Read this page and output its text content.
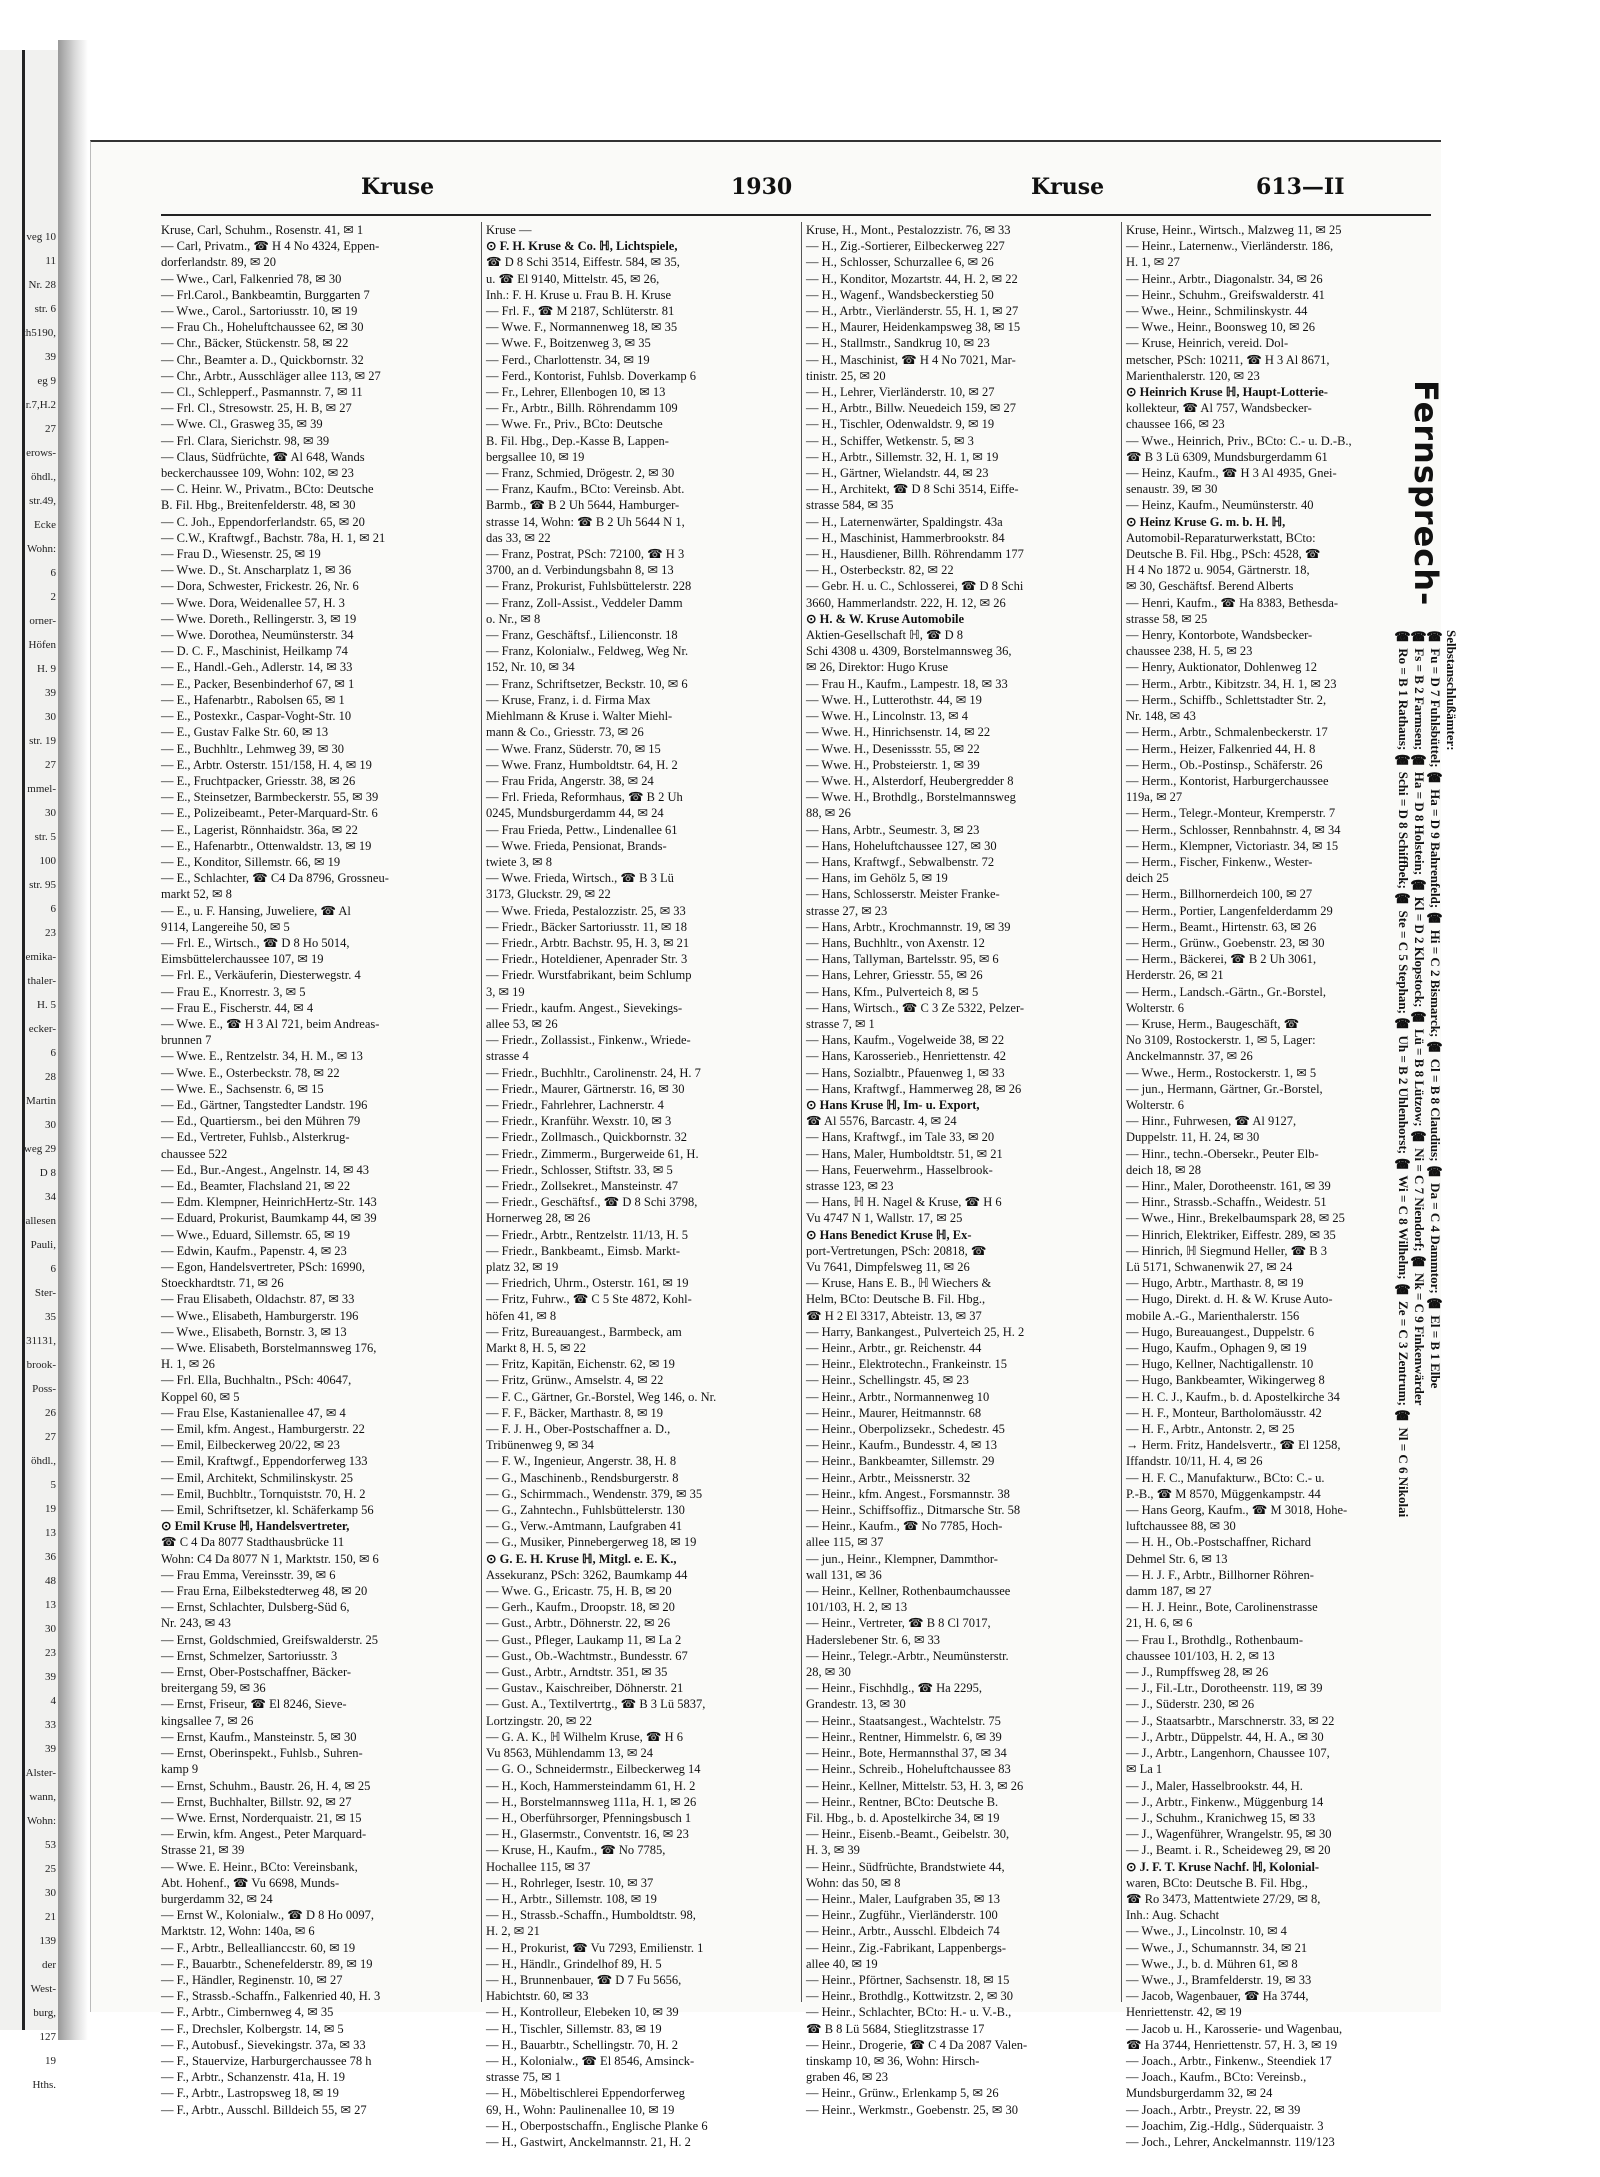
veg 10
11
Nr. 28
str. 6
th5190,
39
eg 9
r.7,H.2
27
erows-
öhdl.,
str.49,
Ecke
Wohn:
6
2
orner-
Höfen
H. 9
39
30
str. 19
27
mmel-
30
str. 5
100
str. 95
6
23
emika-
thaler-
H. 5
ecker-
6
28
Martin
30
weg 29
D 8
34
allesen
Pauli,
6
Ster-
35
31131,
brook-
Poss-
26
27
öhdl.,
5
19
13
36
48
13
30
23
39
4
33
39
Alster-
wann,
Wohn:
53
25
30
21
139
der
West-
burg,
127
19
Hths.
Kruse	1930	Kruse	613—II
Kruse, Carl, Schuhm., Rosenstr. 41, ✉ 1
— Carl, Privatm., ☎ H 4 No 4324, Eppen-
dorferlandstr. 89, ✉ 20
— Wwe., Carl, Falkenried 78, ✉ 30
— Frl.Carol., Bankbeamtin, Burggarten 7
— Wwe., Carol., Sartoriusstr. 10, ✉ 19
— Frau Ch., Hoheluftchaussee 62, ✉ 30
— Chr., Bäcker, Stückenstr. 58, ✉ 22
— Chr., Beamter a. D., Quickbornstr. 32
— Chr., Arbtr., Ausschläger allee 113, ✉ 27
— Cl., Schlepperf., Pasmannstr. 7, ✉ 11
— Frl. Cl., Stresowstr. 25, H. B, ✉ 27
— Wwe. Cl., Grasweg 35, ✉ 39
— Frl. Clara, Sierichstr. 98, ✉ 39
— Claus, Südfrüchte, ☎ Al 648, Wands
beckerchaussee 109, Wohn: 102, ✉ 23
— C. Heinr. W., Privatm., BCto: Deutsche
B. Fil. Hbg., Breitenfelderstr. 48, ✉ 30
— C. Joh., Eppendorferlandstr. 65, ✉ 20
— C.W., Kraftwgf., Bachstr. 78a, H. 1, ✉ 21
— Frau D., Wiesenstr. 25, ✉ 19
— Wwe. D., St. Anscharplatz 1, ✉ 36
— Dora, Schwester, Frickestr. 26, Nr. 6
— Wwe. Dora, Weidenallee 57, H. 3
— Wwe. Doreth., Rellingerstr. 3, ✉ 19
— Wwe. Dorothea, Neumünsterstr. 34
— D. C. F., Maschinist, Heilkamp 74
— E., Handl.-Geh., Adlerstr. 14, ✉ 33
— E., Packer, Besenbinderhof 67, ✉ 1
— E., Hafenarbtr., Rabolsen 65, ✉ 1
— E., Postexkr., Caspar-Voght-Str. 10
— E., Gustav Falke Str. 60, ✉ 13
— E., Buchhltr., Lehmweg 39, ✉ 30
— E., Arbtr. Osterstr. 151/158, H. 4, ✉ 19
— E., Fruchtpacker, Griesstr. 38, ✉ 26
— E., Steinsetzer, Barmbeckerstr. 55, ✉ 39
— E., Polizeibeamt., Peter-Marquard-Str. 6
— E., Lagerist, Rönnhaidstr. 36a, ✉ 22
— E., Hafenarbtr., Ottenwaldstr. 13, ✉ 19
— E., Konditor, Sillemstr. 66, ✉ 19
— E., Schlachter, ☎ C4 Da 8796, Grossneu-
markt 52, ✉ 8
— E., u. F. Hansing, Juweliere, ☎ Al
9114, Langereihe 50, ✉ 5
— Frl. E., Wirtsch., ☎ D 8 Ho 5014,
Eimsbüttelerchaussee 107, ✉ 19
— Frl. E., Verkäuferin, Diesterwegstr. 4
— Frau E., Knorrestr. 3, ✉ 5
— Frau E., Fischerstr. 44, ✉ 4
— Wwe. E., ☎ H 3 Al 721, beim Andreas-
brunnen 7
— Wwe. E., Rentzelstr. 34, H. M., ✉ 13
— Wwe. E., Osterbeckstr. 78, ✉ 22
— Wwe. E., Sachsenstr. 6, ✉ 15
— Ed., Gärtner, Tangstedter Landstr. 196
— Ed., Quartiersm., bei den Mühren 79
— Ed., Vertreter, Fuhlsb., Alsterkrug-
chaussee 522
— Ed., Bur.-Angest., Angelnstr. 14, ✉ 43
— Ed., Beamter, Flachsland 21, ✉ 22
— Edm. Klempner, HeinrichHertz-Str. 143
— Eduard, Prokurist, Baumkamp 44, ✉ 39
— Wwe., Eduard, Sillemstr. 65, ✉ 19
— Edwin, Kaufm., Papenstr. 4, ✉ 23
— Egon, Handelsvertreter, PSch: 16990,
Stoeckhardtstr. 71, ✉ 26
— Frau Elisabeth, Oldachstr. 87, ✉ 33
— Wwe., Elisabeth, Hamburgerstr. 196
— Wwe., Elisabeth, Bornstr. 3, ✉ 13
— Wwe. Elisabeth, Borstelmannsweg 176,
H. 1, ✉ 26
— Frl. Ella, Buchhaltn., PSch: 40647,
Koppel 60, ✉ 5
— Frau Else, Kastanienallee 47, ✉ 4
— Emil, kfm. Angest., Hamburgerstr. 22
— Emil, Eilbeckerweg 20/22, ✉ 23
— Emil, Kraftwgf., Eppendorferweg 133
— Emil, Architekt, Schmilinskystr. 25
— Emil, Buchbltr., Tornquiststr. 70, H. 2
— Emil, Schriftsetzer, kl. Schäferkamp 56
⊙ Emil Kruse ℍ, Handelsvertreter,
☎ C 4 Da 8077 Stadthausbrücke 11
Wohn: C4 Da 8077 N 1, Marktstr. 150, ✉ 6
— Frau Emma, Vereinsstr. 39, ✉ 6
— Frau Erna, Eilbekstedterweg 48, ✉ 20
— Ernst, Schlachter, Dulsberg-Süd 6,
Nr. 243, ✉ 43
— Ernst, Goldschmied, Greifswalderstr. 25
— Ernst, Schmelzer, Sartoriusstr. 3
— Ernst, Ober-Postschaffner, Bäcker-
breitergang 59, ✉ 36
— Ernst, Friseur, ☎ El 8246, Sieve-
kingsallee 7, ✉ 26
— Ernst, Kaufm., Mansteinstr. 5, ✉ 30
— Ernst, Oberinspekt., Fuhlsb., Suhren-
kamp 9
— Ernst, Schuhm., Baustr. 26, H. 4, ✉ 25
— Ernst, Buchhalter, Billstr. 92, ✉ 27
— Wwe. Ernst, Norderquaistr. 21, ✉ 15
— Erwin, kfm. Angest., Peter Marquard-
Strasse 21, ✉ 39
— Wwe. E. Heinr., BCto: Vereinsbank,
Abt. Hohenf., ☎ Vu 6698, Munds-
burgerdamm 32, ✉ 24
— Ernst W., Kolonialw., ☎ D 8 Ho 0097,
Marktstr. 12, Wohn: 140a, ✉ 6
— F., Arbtr., Belleallianccstr. 60, ✉ 19
— F., Bauarbtr., Schenefelderstr. 89, ✉ 19
— F., Händler, Reginenstr. 10, ✉ 27
— F., Strassb.-Schaffn., Falkenried 40, H. 3
— F., Arbtr., Cimbernweg 4, ✉ 35
— F., Drechsler, Kolbergstr. 14, ✉ 5
— F., Autobusf., Sievekingstr. 37a, ✉ 33
— F., Stauervize, Harburgerchaussee 78 h
— F., Arbtr., Schanzenstr. 41a, H. 19
— F., Arbtr., Lastropsweg 18, ✉ 19
— F., Arbtr., Ausschl. Billdeich 55, ✉ 27
Kruse —
⊙ F. H. Kruse & Co. ℍ, Lichtspiele,
☎ D 8 Schi 3514, Eiffestr. 584, ✉ 35,
u. ☎ El 9140, Mittelstr. 45, ✉ 26,
Inh.: F. H. Kruse u. Frau B. H. Kruse
— Frl. F., ☎ M 2187, Schlüterstr. 81
— Wwe. F., Normannenweg 18, ✉ 35
— Wwe. F., Boitzenweg 3, ✉ 35
— Ferd., Charlottenstr. 34, ✉ 19
— Ferd., Kontorist, Fuhlsb. Doverkamp 6
— Fr., Lehrer, Ellenbogen 10, ✉ 13
— Fr., Arbtr., Billh. Röhrendamm 109
— Wwe. Fr., Priv., BCto: Deutsche
B. Fil. Hbg., Dep.-Kasse B, Lappen-
bergsallee 10, ✉ 19
— Franz, Schmied, Drögestr. 2, ✉ 30
— Franz, Kaufm., BCto: Vereinsb. Abt.
Barmb., ☎ B 2 Uh 5644, Hamburger-
strasse 14, Wohn: ☎ B 2 Uh 5644 N 1,
das 33, ✉ 22
— Franz, Postrat, PSch: 72100, ☎ H 3
3700, an d. Verbindungsbahn 8, ✉ 13
— Franz, Prokurist, Fuhlsbüttelerstr. 228
— Franz, Zoll-Assist., Veddeler Damm
o. Nr., ✉ 8
— Franz, Geschäftsf., Lilienconstr. 18
— Franz, Kolonialw., Feldweg, Weg Nr.
152, Nr. 10, ✉ 34
— Franz, Schriftsetzer, Beckstr. 10, ✉ 6
— Kruse, Franz, i. d. Firma Max
Miehlmann & Kruse i. Walter Miehl-
mann & Co., Griesstr. 73, ✉ 26
— Wwe. Franz, Süderstr. 70, ✉ 15
— Wwe. Franz, Humboldtstr. 64, H. 2
— Frau Frida, Angerstr. 38, ✉ 24
— Frl. Frieda, Reformhaus, ☎ B 2 Uh
0245, Mundsburgerdamm 44, ✉ 24
— Frau Frieda, Pettw., Lindenallee 61
— Wwe. Frieda, Pensionat, Brands-
twiete 3, ✉ 8
— Wwe. Frieda, Wirtsch., ☎ B 3 Lü
3173, Gluckstr. 29, ✉ 22
— Wwe. Frieda, Pestalozzistr. 25, ✉ 33
— Friedr., Bäcker Sartoriusstr. 11, ✉ 18
— Friedr., Arbtr. Bachstr. 95, H. 3, ✉ 21
— Friedr., Hoteldiener, Apenrader Str. 3
— Friedr. Wurstfabrikant, beim Schlump
3, ✉ 19
— Friedr., kaufm. Angest., Sievekings-
allee 53, ✉ 26
— Friedr., Zollassist., Finkenw., Wriede-
strasse 4
— Friedr., Buchhltr., Carolinenstr. 24, H. 7
— Friedr., Maurer, Gärtnerstr. 16, ✉ 30
— Friedr., Fahrlehrer, Lachnerstr. 4
— Friedr., Kranführ. Wexstr. 10, ✉ 3
— Friedr., Zollmasch., Quickbornstr. 32
— Friedr., Zimmerm., Burgerweide 61, H.
— Friedr., Schlosser, Stiftstr. 33, ✉ 5
— Friedr., Zollsekret., Mansteinstr. 47
— Friedr., Geschäftsf., ☎ D 8 Schi 3798,
Hornerweg 28, ✉ 26
— Friedr., Arbtr., Rentzelstr. 11/13, H. 5
— Friedr., Bankbeamt., Eimsb. Markt-
platz 32, ✉ 19
— Friedrich, Uhrm., Osterstr. 161, ✉ 19
— Fritz, Fuhrw., ☎ C 5 Ste 4872, Kohl-
höfen 41, ✉ 8
— Fritz, Bureauangest., Barmbeck, am
Markt 8, H. 5, ✉ 22
— Fritz, Kapitän, Eichenstr. 62, ✉ 19
— Fritz, Grünw., Amselstr. 4, ✉ 22
— F. C., Gärtner, Gr.-Borstel, Weg 146, o. Nr.
— F. F., Bäcker, Marthastr. 8, ✉ 19
— F. J. H., Ober-Postschaffner a. D.,
Tribünenweg 9, ✉ 34
— F. W., Ingenieur, Angerstr. 38, H. 8
— G., Maschinenb., Rendsburgerstr. 8
— G., Schirmmach., Wendenstr. 379, ✉ 35
— G., Zahntechn., Fuhlsbüttelerstr. 130
— G., Verw.-Amtmann, Laufgraben 41
— G., Musiker, Pinnebergerweg 18, ✉ 19
⊙ G. E. H. Kruse ℍ, Mitgl. e. E. K.,
Assekuranz, PSch: 3262, Baumkamp 44
— Wwe. G., Ericastr. 75, H. B, ✉ 20
— Gerh., Kaufm., Droopstr. 18, ✉ 20
— Gust., Arbtr., Döhnerstr. 22, ✉ 26
— Gust., Pfleger, Laukamp 11, ✉ La 2
— Gust., Ob.-Wachtmstr., Bundesstr. 67
— Gust., Arbtr., Arndtstr. 351, ✉ 35
— Gustav., Kaischreiber, Döhnerstr. 21
— Gust. A., Textilvertrtg., ☎ B 3 Lü 5837,
Lortzingstr. 20, ✉ 22
— G. A. K., ℍ Wilhelm Kruse, ☎ H 6
Vu 8563, Mühlendamm 13, ✉ 24
— G. O., Schneidermstr., Eilbeckerweg 14
— H., Koch, Hammersteindamm 61, H. 2
— H., Borstelmannsweg 111a, H. 1, ✉ 26
— H., Oberführsorger, Pfenningsbusch 1
— H., Glasermstr., Conventstr. 16, ✉ 23
— Kruse, H., Kaufm., ☎ No 7785,
Hochallee 115, ✉ 37
— H., Rohrleger, Isestr. 10, ✉ 37
— H., Arbtr., Sillemstr. 108, ✉ 19
— H., Strassb.-Schaffn., Humboldtstr. 98,
H. 2, ✉ 21
— H., Prokurist, ☎ Vu 7293, Emilienstr. 1
— H., Händlr., Grindelhof 89, H. 5
— H., Brunnenbauer, ☎ D 7 Fu 5656,
Habichtstr. 60, ✉ 33
— H., Kontrolleur, Elebeken 10, ✉ 39
— H., Tischler, Sillemstr. 83, ✉ 19
— H., Bauarbtr., Schellingstr. 70, H. 2
— H., Kolonialw., ☎ El 8546, Amsinck-
strasse 75, ✉ 1
— H., Möbeltischlerei Eppendorferweg
69, H., Wohn: Paulinenallee 10, ✉ 19
— H., Oberpostschaffn., Englische Planke 6
— H., Gastwirt, Anckelmannstr. 21, H. 2
Kruse, H., Mont., Pestalozzistr. 76, ✉ 33
— H., Zig.-Sortierer, Eilbeckerweg 227
— H., Schlosser, Schurzallee 6, ✉ 26
— H., Konditor, Mozartstr. 44, H. 2, ✉ 22
— H., Wagenf., Wandsbeckerstieg 50
— H., Arbtr., Vierländerstr. 55, H. 1, ✉ 27
— H., Maurer, Heidenkampsweg 38, ✉ 15
— H., Stallmstr., Sandkrug 10, ✉ 23
— H., Maschinist, ☎ H 4 No 7021, Mar-
tinistr. 25, ✉ 20
— H., Lehrer, Vierländerstr. 10, ✉ 27
— H., Arbtr., Billw. Neuedeich 159, ✉ 27
— H., Tischler, Odenwaldstr. 9, ✉ 19
— H., Schiffer, Wetkenstr. 5, ✉ 3
— H., Arbtr., Sillemstr. 32, H. 1, ✉ 19
— H., Gärtner, Wielandstr. 44, ✉ 23
— H., Architekt, ☎ D 8 Schi 3514, Eiffe-
strasse 584, ✉ 35
— H., Laternenwärter, Spaldingstr. 43a
— H., Maschinist, Hammerbrookstr. 84
— H., Hausdiener, Billh. Röhrendamm 177
— H., Osterbeckstr. 82, ✉ 22
— Gebr. H. u. C., Schlosserei, ☎ D 8 Schi
3660, Hammerlandstr. 222, H. 12, ✉ 26
⊙ H. & W. Kruse Automobile
Aktien-Gesellschaft ℍ, ☎ D 8
Schi 4308 u. 4309, Borstelmannsweg 36,
✉ 26, Direktor: Hugo Kruse
— Frau H., Kaufm., Lampestr. 18, ✉ 33
— Wwe. H., Lutterothstr. 44, ✉ 19
— Wwe. H., Lincolnstr. 13, ✉ 4
— Wwe. H., Hinrichsenstr. 14, ✉ 22
— Wwe. H., Desenissstr. 55, ✉ 22
— Wwe. H., Probsteierstr. 1, ✉ 39
— Wwe. H., Alsterdorf, Heubergredder 8
— Wwe. H., Brothdlg., Borstelmannsweg
88, ✉ 26
— Hans, Arbtr., Seumestr. 3, ✉ 23
— Hans, Hoheluftchaussee 127, ✉ 30
— Hans, Kraftwgf., Sebwalbenstr. 72
— Hans, im Gehölz 5, ✉ 19
— Hans, Schlosserstr. Meister Franke-
strasse 27, ✉ 23
— Hans, Arbtr., Krochmannstr. 19, ✉ 39
— Hans, Buchhltr., von Axenstr. 12
— Hans, Tallyman, Bartelsstr. 95, ✉ 6
— Hans, Lehrer, Griesstr. 55, ✉ 26
— Hans, Kfm., Pulverteich 8, ✉ 5
— Hans, Wirtsch., ☎ C 3 Ze 5322, Pelzer-
strasse 7, ✉ 1
— Hans, Kaufm., Vogelweide 38, ✉ 22
— Hans, Karosserieb., Henriettenstr. 42
— Hans, Sozialbtr., Pfauenweg 1, ✉ 33
— Hans, Kraftwgf., Hammerweg 28, ✉ 26
⊙ Hans Kruse ℍ, Im- u. Export,
☎ Al 5576, Barcastr. 4, ✉ 24
— Hans, Kraftwgf., im Tale 33, ✉ 20
— Hans, Maler, Humboldtstr. 51, ✉ 21
— Hans, Feuerwehrm., Hasselbrook-
strasse 123, ✉ 23
— Hans, ℍ H. Nagel & Kruse, ☎ H 6
Vu 4747 N 1, Wallstr. 17, ✉ 25
⊙ Hans Benedict Kruse ℍ, Ex-
port-Vertretungen, PSch: 20818, ☎
Vu 7641, Dimpfelsweg 11, ✉ 26
— Kruse, Hans E. B., ℍ Wiechers &
Helm, BCto: Deutsche B. Fil. Hbg.,
☎ H 2 El 3317, Abteistr. 13, ✉ 37
— Harry, Bankangest., Pulverteich 25, H. 2
— Heinr., Arbtr., gr. Reichenstr. 44
— Heinr., Elektrotechn., Frankeinstr. 15
— Heinr., Schellingstr. 45, ✉ 23
— Heinr., Arbtr., Normannenweg 10
— Heinr., Maurer, Heitmannstr. 68
— Heinr., Oberpolizsekr., Schedestr. 45
— Heinr., Kaufm., Bundesstr. 4, ✉ 13
— Heinr., Bankbeamter, Sillemstr. 29
— Heinr., Arbtr., Meissnerstr. 32
— Heinr., kfm. Angest., Forsmannstr. 38
— Heinr., Schiffsoffiz., Ditmarsche Str. 58
— Heinr., Kaufm., ☎ No 7785, Hoch-
allee 115, ✉ 37
— jun., Heinr., Klempner, Dammthor-
wall 131, ✉ 36
— Heinr., Kellner, Rothenbaumchaussee
101/103, H. 2, ✉ 13
— Heinr., Vertreter, ☎ B 8 Cl 7017,
Haderslebener Str. 6, ✉ 33
— Heinr., Telegr.-Arbtr., Neumünsterstr.
28, ✉ 30
— Heinr., Fischhdlg., ☎ Ha 2295,
Grandestr. 13, ✉ 30
— Heinr., Staatsangest., Wachtelstr. 75
— Heinr., Rentner, Himmelstr. 6, ✉ 39
— Heinr., Bote, Hermannsthal 37, ✉ 34
— Heinr., Schreib., Hoheluftchaussee 83
— Heinr., Kellner, Mittelstr. 53, H. 3, ✉ 26
— Heinr., Rentner, BCto: Deutsche B.
Fil. Hbg., b. d. Apostelkirche 34, ✉ 19
— Heinr., Eisenb.-Beamt., Geibelstr. 30,
H. 3, ✉ 39
— Heinr., Südfrüchte, Brandstwiete 44,
Wohn: das 50, ✉ 8
— Heinr., Maler, Laufgraben 35, ✉ 13
— Heinr., Zugführ., Vierländerstr. 100
— Heinr., Arbtr., Ausschl. Elbdeich 74
— Heinr., Zig.-Fabrikant, Lappenbergs-
allee 40, ✉ 19
— Heinr., Pförtner, Sachsenstr. 18, ✉ 15
— Heinr., Brothdlg., Kottwitzstr. 2, ✉ 30
— Heinr., Schlachter, BCto: H.- u. V.-B.,
☎ B 8 Lü 5684, Stieglitzstrasse 17
— Heinr., Drogerie, ☎ C 4 Da 2087 Valen-
tinskamp 10, ✉ 36, Wohn: Hirsch-
graben 46, ✉ 23
— Heinr., Grünw., Erlenkamp 5, ✉ 26
— Heinr., Werkmstr., Goebenstr. 25, ✉ 30
Kruse, Heinr., Wirtsch., Malzweg 11, ✉ 25
— Heinr., Laternenw., Vierländerstr. 186,
H. 1, ✉ 27
— Heinr., Arbtr., Diagonalstr. 34, ✉ 26
— Heinr., Schuhm., Greifswalderstr. 41
— Wwe., Heinr., Schmilinskystr. 44
— Wwe., Heinr., Boonsweg 10, ✉ 26
— Kruse, Heinrich, vereid. Dol-
metscher, PSch: 10211, ☎ H 3 Al 8671,
Marienthalerstr. 120, ✉ 23
⊙ Heinrich Kruse ℍ, Haupt-Lotterie-
kollekteur, ☎ Al 757, Wandsbecker-
chaussee 166, ✉ 23
— Wwe., Heinrich, Priv., BCto: C.- u. D.-B.,
☎ B 3 Lü 6309, Mundsburgerdamm 61
— Heinz, Kaufm., ☎ H 3 Al 4935, Gnei-
senaustr. 39, ✉ 30
— Heinz, Kaufm., Neumünsterstr. 40
⊙ Heinz Kruse G. m. b. H. ℍ,
Automobil-Reparaturwerkstatt, BCto:
Deutsche B. Fil. Hbg., PSch: 4528, ☎
H 4 No 1872 u. 9054, Gärtnerstr. 18,
✉ 30, Geschäftsf. Berend Alberts
— Henri, Kaufm., ☎ Ha 8383, Bethesda-
strasse 58, ✉ 25
— Henry, Kontorbote, Wandsbecker-
chaussee 238, H. 5, ✉ 23
— Henry, Auktionator, Dohlenweg 12
— Herm., Arbtr., Kibitzstr. 34, H. 1, ✉ 23
— Herm., Schiffb., Schlettstadter Str. 2,
Nr. 148, ✉ 43
— Herm., Arbtr., Schmalenbeckerstr. 17
— Herm., Heizer, Falkenried 44, H. 8
— Herm., Ob.-Postinsp., Schäferstr. 26
— Herm., Kontorist, Harburgerchaussee
119a, ✉ 27
— Herm., Telegr.-Monteur, Kremperstr. 7
— Herm., Schlosser, Rennbahnstr. 4, ✉ 34
— Herm., Klempner, Victoriastr. 34, ✉ 15
— Herm., Fischer, Finkenw., Wester-
deich 25
— Herm., Billhornerdeich 100, ✉ 27
— Herm., Portier, Langenfelderdamm 29
— Herm., Beamt., Hirtenstr. 63, ✉ 26
— Herm., Grünw., Goebenstr. 23, ✉ 30
— Herm., Bäckerei, ☎ B 2 Uh 3061,
Herderstr. 26, ✉ 21
— Herm., Landsch.-Gärtn., Gr.-Borstel,
Wolterstr. 6
— Kruse, Herm., Baugeschäft, ☎
No 3109, Rostockerstr. 1, ✉ 5, Lager:
Anckelmannstr. 37, ✉ 26
— Wwe., Herm., Rostockerstr. 1, ✉ 5
— jun., Hermann, Gärtner, Gr.-Borstel,
Wolterstr. 6
— Hinr., Fuhrwesen, ☎ Al 9127,
Duppelstr. 11, H. 24, ✉ 30
— Hinr., techn.-Obersekr., Peuter Elb-
deich 18, ✉ 28
— Hinr., Maler, Dorotheenstr. 161, ✉ 39
— Hinr., Strassb.-Schaffn., Weidestr. 51
— Wwe., Hinr., Brekelbaumspark 28, ✉ 25
— Hinrich, Elektriker, Eiffestr. 289, ✉ 35
— Hinrich, ℍ Siegmund Heller, ☎ B 3
Lü 5171, Schwanenwik 27, ✉ 24
— Hugo, Arbtr., Marthastr. 8, ✉ 19
— Hugo, Direkt. d. H. & W. Kruse Auto-
mobile A.-G., Marienthalerstr. 156
— Hugo, Bureauangest., Duppelstr. 6
— Hugo, Kaufm., Ophagen 9, ✉ 19
— Hugo, Kellner, Nachtigallenstr. 10
— Hugo, Bankbeamter, Wikingerweg 8
— H. C. J., Kaufm., b. d. Apostelkirche 34
— H. F., Monteur, Bartholomäusstr. 42
— H. F., Arbtr., Antonstr. 2, ✉ 25
→ Herm. Fritz, Handelsvertr., ☎ El 1258,
Iffandstr. 10/11, H. 4, ✉ 26
— H. F. C., Manufakturw., BCto: C.- u.
P.-B., ☎ M 8570, Müggenkampstr. 44
— Hans Georg, Kaufm., ☎ M 3018, Hohe-
luftchaussee 88, ✉ 30
— H. H., Ob.-Postschaffner, Richard
Dehmel Str. 6, ✉ 13
— H. J. F., Arbtr., Billhorner Röhren-
damm 187, ✉ 27
— H. J. Heinr., Bote, Carolinenstrasse
21, H. 6, ✉ 6
— Frau I., Brothdlg., Rothenbaum-
chaussee 101/103, H. 2, ✉ 13
— J., Rumpffsweg 28, ✉ 26
— J., Fil.-Ltr., Dorotheenstr. 119, ✉ 39
— J., Süderstr. 230, ✉ 26
— J., Staatsarbtr., Marschnerstr. 33, ✉ 22
— J., Arbtr., Düppelstr. 44, H. A., ✉ 30
— J., Arbtr., Langenhorn, Chaussee 107,
✉ La 1
— J., Maler, Hasselbrookstr. 44, H.
— J., Arbtr., Finkenw., Müggenburg 14
— J., Schuhm., Kranichweg 15, ✉ 33
— J., Wagenführer, Wrangelstr. 95, ✉ 30
— J., Beamt. i. R., Scheideweg 29, ✉ 20
⊙ J. F. T. Kruse Nachf. ℍ, Kolonial-
waren, BCto: Deutsche B. Fil. Hbg.,
☎ Ro 3473, Mattentwiete 27/29, ✉ 8,
Inh.: Aug. Schacht
— Wwe., J., Lincolnstr. 10, ✉ 4
— Wwe., J., Schumannstr. 34, ✉ 21
— Wwe., J., b. d. Mühren 61, ✉ 8
— Wwe., J., Bramfelderstr. 19, ✉ 33
— Jacob, Wagenbauer, ☎ Ha 3744,
Henriettenstr. 42, ✉ 19
— Jacob u. H., Karosserie- und Wagenbau,
☎ Ha 3744, Henriettenstr. 57, H. 3, ✉ 19
— Joach., Arbtr., Finkenw., Steendiek 17
— Joach., Kaufm., BCto: Vereinsb.,
Mundsburgerdamm 32, ✉ 24
— Joach., Arbtr., Preystr. 22, ✉ 39
— Joachim, Zig.-Hdlg., Süderquaistr. 3
— Joch., Lehrer, Anckelmannstr. 119/123
Fernsprech-
Selbstanschlußämter:
☎ Fu = D 7 Fuhlsbüttel; ☎ Ha = D 9 Bahrenfeld; ☎ Hi = C 2 Bismarck; ☎ Cl = B 8 Claudius; ☎ Da = C 4 Dammtor; ☎ El = B 1 Elbe
☎ Fs = B 2 Farmsen; ☎ Ha = D 8 Holstein; ☎ Kl = D 2 Klopstock; ☎ Lü = B 8 Lützow; ☎ Ni = C 7 Niendorf; ☎ Nk = C 9 Finkenwärder
☎ Ro = B 1 Rathaus; ☎ Schi = D 8 Schiffbek; ☎ Ste = C 5 Stephan; ☎ Uh = B 2 Uhlenhorst; ☎ Wi = C 8 Wilhelm; ☎ Ze = C 3 Zentrum; ☎ Nl = C 6 Nikolai
